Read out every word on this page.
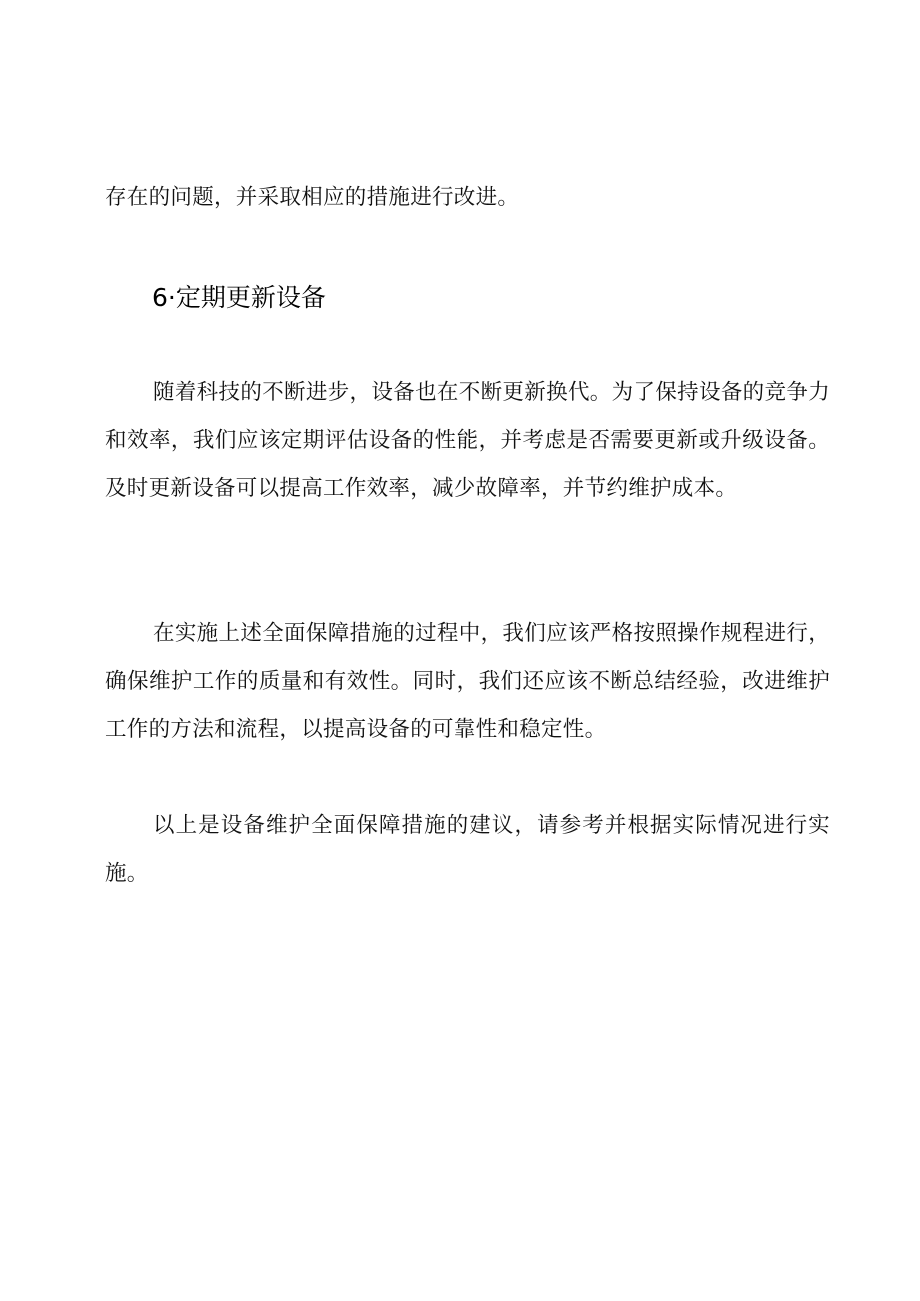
存在的问题，并采取相应的措施进行改进。

6·定期更新设备

随着科技的不断进步，设备也在不断更新换代。为了保持设备的竞争力和效率，我们应该定期评估设备的性能，并考虑是否需要更新或升级设备。及时更新设备可以提高工作效率，减少故障率，并节约维护成本。

在实施上述全面保障措施的过程中，我们应该严格按照操作规程进行，确保维护工作的质量和有效性。同时，我们还应该不断总结经验，改进维护工作的方法和流程，以提高设备的可靠性和稳定性。

以上是设备维护全面保障措施的建议，请参考并根据实际情况进行实施。
